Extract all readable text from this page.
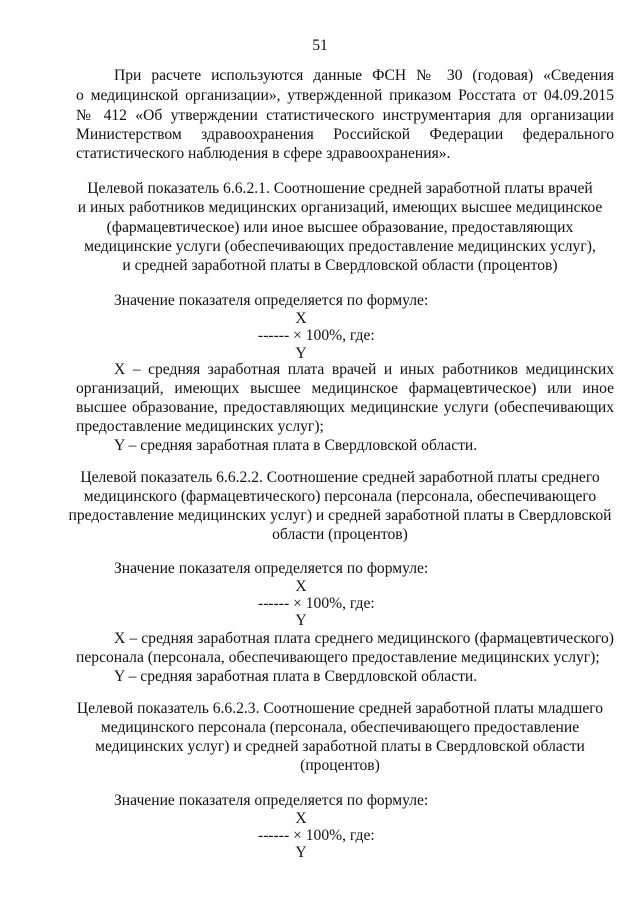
51
При расчете используются данные ФСН № 30 (годовая) «Сведения
о медицинской организации», утвержденной приказом Росстата от 04.09.2015
№ 412 «Об утверждении статистического инструментария для организации
Министерством здравоохранения Российской Федерации федерального
статистического наблюдения в сфере здравоохранения».
Целевой показатель 6.6.2.1. Соотношение средней заработной платы врачей
и иных работников медицинских организаций, имеющих высшее медицинское
(фармацевтическое) или иное высшее образование, предоставляющих
медицинские услуги (обеспечивающих предоставление медицинских услуг),
и средней заработной платы в Свердловской области (процентов)
Значение показателя определяется по формуле:
X
------ × 100%, где:
Y
X – средняя заработная плата врачей и иных работников медицинских
организаций, имеющих высшее медицинское фармацевтическое) или иное
высшее образование, предоставляющих медицинские услуги (обеспечивающих
предоставление медицинских услуг);
Y – средняя заработная плата в Свердловской области.
Целевой показатель 6.6.2.2. Соотношение средней заработной платы среднего
медицинского (фармацевтического) персонала (персонала, обеспечивающего
предоставление медицинских услуг) и средней заработной платы в Свердловской
области (процентов)
Значение показателя определяется по формуле:
X
------ × 100%, где:
Y
X – средняя заработная плата среднего медицинского (фармацевтического)
персонала (персонала, обеспечивающего предоставление медицинских услуг);
Y – средняя заработная плата в Свердловской области.
Целевой показатель 6.6.2.3. Соотношение средней заработной платы младшего
медицинского персонала (персонала, обеспечивающего предоставление
медицинских услуг) и средней заработной платы в Свердловской области
(процентов)
Значение показателя определяется по формуле:
X
------ × 100%, где:
Y
